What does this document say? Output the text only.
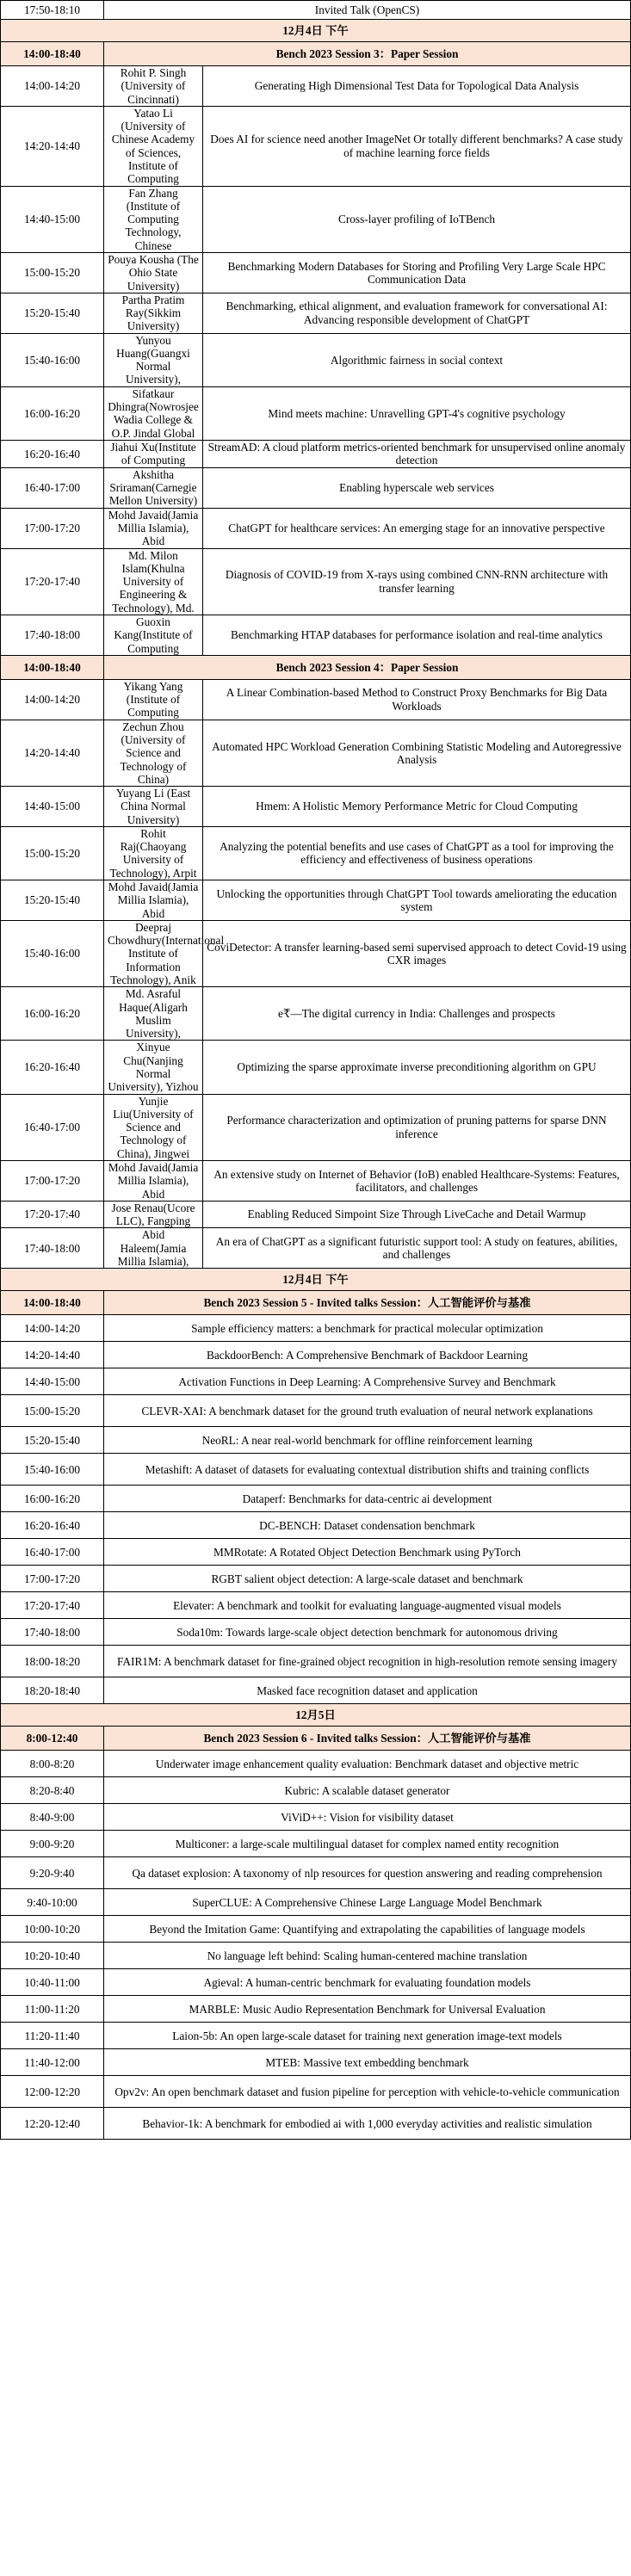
17:50-18:10	Invited Talk (OpenCS)	
12月4日 下午		
14:00-18:40	Bench 2023 Session 3：Paper Session	
14:00-14:20	Rohit P. Singh (University of Cincinnati)	Generating High Dimensional Test Data for Topological Data Analysis
14:20-14:40	Yatao Li (University of Chinese Academy of Sciences, Institute of Computing	Does AI for science need another ImageNet Or totally different benchmarks? A case study of machine learning force fields
14:40-15:00	Fan Zhang (Institute of Computing Technology, Chinese	Cross-layer profiling of IoTBench
15:00-15:20	Pouya Kousha (The Ohio State University)	Benchmarking Modern Databases for Storing and Profiling Very Large Scale HPC Communication Data
15:20-15:40	Partha Pratim Ray(Sikkim University)	Benchmarking, ethical alignment, and evaluation framework for conversational AI: Advancing responsible development of ChatGPT
15:40-16:00	Yunyou Huang(Guangxi Normal University),	Algorithmic fairness in social context
16:00-16:20	Sifatkaur Dhingra(Nowrosjee Wadia College & O.P. Jindal Global	Mind meets machine: Unravelling GPT-4's cognitive psychology
16:20-16:40	Jiahui Xu(Institute of Computing	StreamAD: A cloud platform metrics-oriented benchmark for unsupervised online anomaly detection
16:40-17:00	Akshitha Sriraman(Carnegie Mellon University)	Enabling hyperscale web services
17:00-17:20	Mohd Javaid(Jamia Millia Islamia), Abid	ChatGPT for healthcare services: An emerging stage for an innovative perspective
17:20-17:40	Md. Milon Islam(Khulna University of Engineering & Technology), Md.	Diagnosis of COVID-19 from X-rays using combined CNN-RNN architecture with transfer learning
17:40-18:00	Guoxin Kang(Institute of Computing	Benchmarking HTAP databases for performance isolation and real-time analytics
14:00-18:40	Bench 2023 Session 4：Paper Session	
14:00-14:20	Yikang Yang (Institute of Computing	A Linear Combination-based Method to Construct Proxy Benchmarks for Big Data Workloads
14:20-14:40	Zechun Zhou (University of Science and Technology of China)	Automated HPC Workload Generation Combining Statistic Modeling and Autoregressive Analysis
14:40-15:00	Yuyang Li (East China Normal University)	Hmem: A Holistic Memory Performance Metric for Cloud Computing
15:00-15:20	Rohit Raj(Chaoyang University of Technology), Arpit	Analyzing the potential benefits and use cases of ChatGPT as a tool for improving the efficiency and effectiveness of business operations
15:20-15:40	Mohd Javaid(Jamia Millia Islamia), Abid	Unlocking the opportunities through ChatGPT Tool towards ameliorating the education system
15:40-16:00	Deepraj Chowdhury(International Institute of Information Technology), Anik	CoviDetector: A transfer learning-based semi supervised approach to detect Covid-19 using CXR images
16:00-16:20	Md. Asraful Haque(Aligarh Muslim University),	e₹—The digital currency in India: Challenges and prospects
16:20-16:40	Xinyue Chu(Nanjing Normal University), Yizhou	Optimizing the sparse approximate inverse preconditioning algorithm on GPU
16:40-17:00	Yunjie Liu(University of Science and Technology of China), Jingwei	Performance characterization and optimization of pruning patterns for sparse DNN inference
17:00-17:20	Mohd Javaid(Jamia Millia Islamia), Abid	An extensive study on Internet of Behavior (IoB) enabled Healthcare-Systems: Features, facilitators, and challenges
17:20-17:40	Jose Renau(Ucore LLC), Fangping	Enabling Reduced Simpoint Size Through LiveCache and Detail Warmup
17:40-18:00	Abid Haleem(Jamia Millia Islamia),	An era of ChatGPT as a significant futuristic support tool: A study on features, abilities, and challenges
12月4日 下午		
14:00-18:40	Bench 2023 Session 5 - Invited talks Session：人工智能评价与基准	
14:00-14:20	Sample efficiency matters: a benchmark for practical molecular optimization	
14:20-14:40	BackdoorBench: A Comprehensive Benchmark of Backdoor Learning	
14:40-15:00	Activation Functions in Deep Learning: A Comprehensive Survey and Benchmark	
15:00-15:20	CLEVR-XAI: A benchmark dataset for the ground truth evaluation of neural network explanations	
15:20-15:40	NeoRL: A near real-world benchmark for offline reinforcement learning	
15:40-16:00	Metashift: A dataset of datasets for evaluating contextual distribution shifts and training conflicts	
16:00-16:20	Dataperf: Benchmarks for data-centric ai development	
16:20-16:40	DC-BENCH: Dataset condensation benchmark	
16:40-17:00	MMRotate: A Rotated Object Detection Benchmark using PyTorch	
17:00-17:20	RGBT salient object detection: A large-scale dataset and benchmark	
17:20-17:40	Elevater: A benchmark and toolkit for evaluating language-augmented visual models	
17:40-18:00	Soda10m: Towards large-scale object detection benchmark for autonomous driving	
18:00-18:20	FAIR1M: A benchmark dataset for fine-grained object recognition in high-resolution remote sensing imagery	
18:20-18:40	Masked face recognition dataset and application	
12月5日		
8:00-12:40	Bench 2023 Session 6 - Invited talks Session：人工智能评价与基准	
8:00-8:20	Underwater image enhancement quality evaluation: Benchmark dataset and objective metric	
8:20-8:40	Kubric: A scalable dataset generator	
8:40-9:00	ViViD++: Vision for visibility dataset	
9:00-9:20	Multiconer: a large-scale multilingual dataset for complex named entity recognition	
9:20-9:40	Qa dataset explosion: A taxonomy of nlp resources for question answering and reading comprehension	
9:40-10:00	SuperCLUE: A Comprehensive Chinese Large Language Model Benchmark	
10:00-10:20	Beyond the Imitation Game: Quantifying and extrapolating the capabilities of language models	
10:20-10:40	No language left behind: Scaling human-centered machine translation	
10:40-11:00	Agieval: A human-centric benchmark for evaluating foundation models	
11:00-11:20	MARBLE: Music Audio Representation Benchmark for Universal Evaluation	
11:20-11:40	Laion-5b: An open large-scale dataset for training next generation image-text models	
11:40-12:00	MTEB: Massive text embedding benchmark	
12:00-12:20	Opv2v: An open benchmark dataset and fusion pipeline for perception with vehicle-to-vehicle communication	
12:20-12:40	Behavior-1k: A benchmark for embodied ai with 1,000 everyday activities and realistic simulation	
